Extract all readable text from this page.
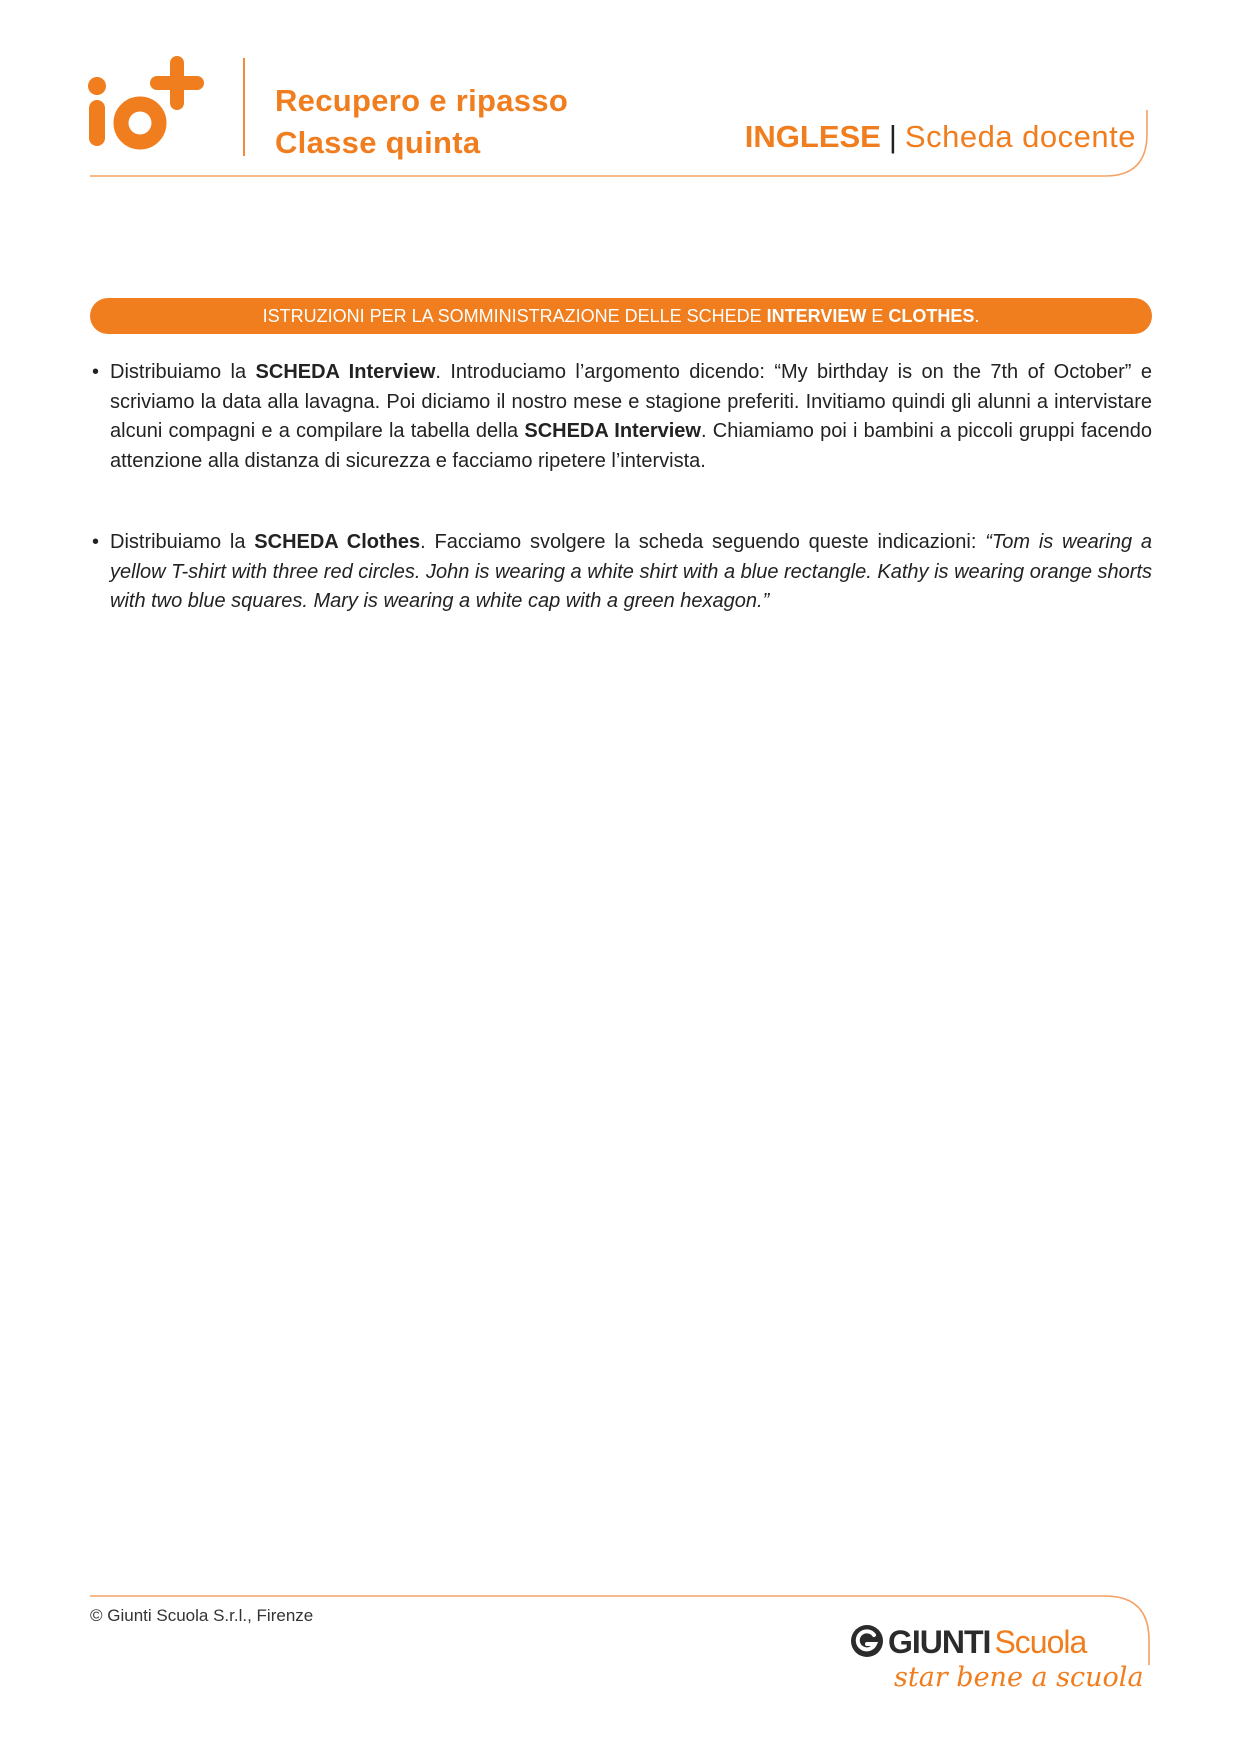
Recupero e ripasso
Classe quinta	INGLESE | Scheda docente
ISTRUZIONI PER LA SOMMINISTRAZIONE DELLE SCHEDE INTERVIEW E CLOTHES.
• Distribuiamo la SCHEDA Interview. Introduciamo l’argomento dicendo: “My birthday is on the 7th of October” e scriviamo la data alla lavagna. Poi diciamo il nostro mese e stagione preferiti. Invitiamo quindi gli alunni a intervistare alcuni compagni e a compilare la tabella della SCHEDA Interview. Chiamiamo poi i bambini a piccoli gruppi facendo attenzione alla distanza di sicurezza e facciamo ripetere l’intervista.
• Distribuiamo la SCHEDA Clothes. Facciamo svolgere la scheda seguendo queste indicazioni: “Tom is wearing a yellow T-shirt with three red circles. John is wearing a white shirt with a blue rectangle. Kathy is wearing orange shorts with two blue squares. Mary is wearing a white cap with a green hexagon.”
© Giunti Scuola S.r.l., Firenze
GIUNTI Scuola
star bene a scuola
